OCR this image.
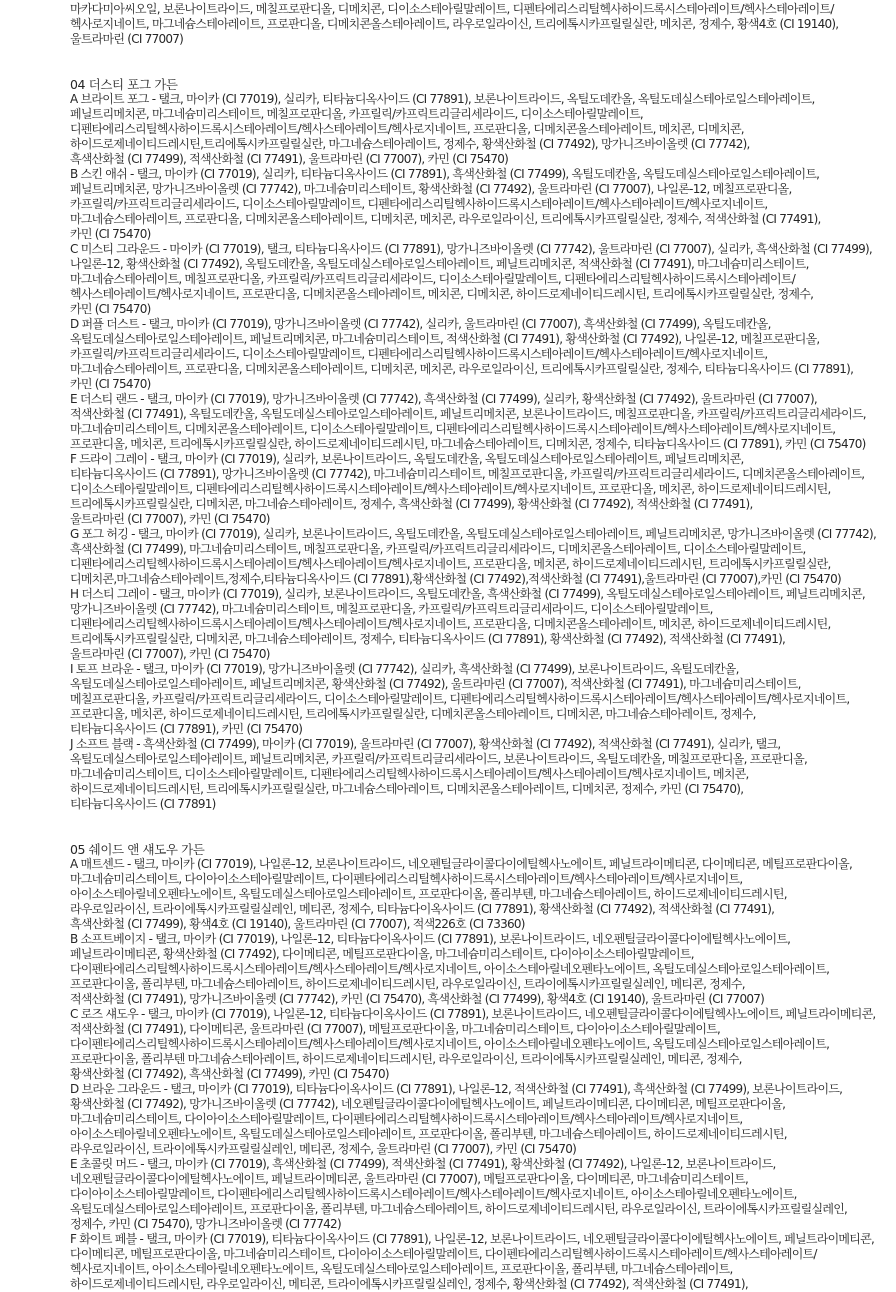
마카다미아씨오일, 보론나이트라이드, 메칠프로판디올, 디메치콘, 디이소스테아릴말레이트, 디펜타에리스리틸헥사하이드록시스테아레이트/헥사스테아레이트/
헥사로지네이트, 마그네슘스테아레이트, 프로판디올, 디메치콘올스테아레이트, 라우로일라이신, 트리에톡시카프릴릴실란, 메치콘, 정제수, 황색4호 (CI 19140),
울트라마린 (CI 77007)
04 더스티 포그 가든
A 브라이트 포그 - 탤크, 마이카 (CI 77019), 실리카, 티타늄디옥사이드 (CI 77891), 보론나이트라이드, 옥틸도데칸올, 옥틸도데실스테아로일스테아레이트,
페닐트리메치콘, 마그네슘미리스테이트, 메칠프로판디올, 카프릴릭/카프릭트리글리세라이드, 디이소스테아릴말레이트,
디펜타에리스리틸헥사하이드록시스테아레이트/헥사스테아레이트/헥사로지네이트, 프로판디올, 디메치콘올스테아레이트, 메치콘, 디메치콘,
하이드로제네이티드레시틴,트리에톡시카프릴릴실란, 마그네슘스테아레이트, 정제수, 황색산화철 (CI 77492), 망가니즈바이올렛 (CI 77742),
흑색산화철 (CI 77499), 적색산화철 (CI 77491), 울트라마린 (CI 77007), 카민 (CI 75470)
B 스킨 애쉬 - 탤크, 마이카 (CI 77019), 실리카, 티타늄디옥사이드 (CI 77891), 흑색산화철 (CI 77499), 옥틸도데칸올, 옥틸도데실스테아로일스테아레이트,
페닐트리메치콘, 망가니즈바이올렛 (CI 77742), 마그네슘미리스테이트, 황색산화철 (CI 77492), 울트라마린 (CI 77007), 나일론-12, 메칠프로판디올,
카프릴릭/카프릭트리글리세라이드, 디이소스테아릴말레이트, 디펜타에리스리틸헥사하이드록시스테아레이트/헥사스테아레이트/헥사로지네이트,
마그네슘스테아레이트, 프로판디올, 디메치콘올스테아레이트, 디메치콘, 메치콘, 라우로일라이신, 트리에톡시카프릴릴실란, 정제수, 적색산화철 (CI 77491),
카민 (CI 75470)
C 미스티 그라운드 - 마이카 (CI 77019), 탤크, 티타늄디옥사이드 (CI 77891), 망가니즈바이올렛 (CI 77742), 울트라마린 (CI 77007), 실리카, 흑색산화철 (CI 77499),
나일론-12, 황색산화철 (CI 77492), 옥틸도데칸올, 옥틸도데실스테아로일스테아레이트, 페닐트리메치콘, 적색산화철 (CI 77491), 마그네슘미리스테이트,
마그네슘스테아레이트, 메칠프로판디올, 카프릴릭/카프릭트리글리세라이드, 디이소스테아릴말레이트, 디펜타에리스리틸헥사하이드록시스테아레이트/
헥사스테아레이트/헥사로지네이트, 프로판디올, 디메치콘올스테아레이트, 메치콘, 디메치콘, 하이드로제네이티드레시틴, 트리에톡시카프릴릴실란, 정제수,
카민 (CI 75470)
D 퍼플 더스트 - 탤크, 마이카 (CI 77019), 망가니즈바이올렛 (CI 77742), 실리카, 울트라마린 (CI 77007), 흑색산화철 (CI 77499), 옥틸도데칸올,
옥틸도데실스테아로일스테아레이트, 페닐트리메치콘, 마그네슘미리스테이트, 적색산화철 (CI 77491), 황색산화철 (CI 77492), 나일론-12, 메칠프로판디올,
카프릴릭/카프릭트리글리세라이드, 디이소스테아릴말레이트, 디펜타에리스리틸헥사하이드록시스테아레이트/헥사스테아레이트/헥사로지네이트,
마그네슘스테아레이트, 프로판디올, 디메치콘올스테아레이트, 디메치콘, 메치콘, 라우로일라이신, 트리에톡시카프릴릴실란, 정제수, 티타늄디옥사이드 (CI 77891),
카민 (CI 75470)
E 더스티 랜드 - 탤크, 마이카 (CI 77019), 망가니즈바이올렛 (CI 77742), 흑색산화철 (CI 77499), 실리카, 황색산화철 (CI 77492), 울트라마린 (CI 77007),
적색산화철 (CI 77491), 옥틸도데칸올, 옥틸도데실스테아로일스테아레이트, 페닐트리메치콘, 보론나이트라이드, 메칠프로판디올, 카프릴릭/카프릭트리글리세라이드,
마그네슘미리스테이트, 디메치콘올스테아레이트, 디이소스테아릴말레이트, 디펜타에리스리틸헥사하이드록시스테아레이트/헥사스테아레이트/헥사로지네이트,
프로판디올, 메치콘, 트리에톡시카프릴릴실란, 하이드로제네이티드레시틴, 마그네슘스테아레이트, 디메치콘, 정제수, 티타늄디옥사이드 (CI 77891), 카민 (CI 75470)
F 드라이 그레이 - 탤크, 마이카 (CI 77019), 실리카, 보론나이트라이드, 옥틸도데칸올, 옥틸도데실스테아로일스테아레이트, 페닐트리메치콘,
티타늄디옥사이드 (CI 77891), 망가니즈바이올렛 (CI 77742), 마그네슘미리스테이트, 메칠프로판디올, 카프릴릭/카프릭트리글리세라이드, 디메치콘올스테아레이트,
디이소스테아릴말레이트, 디펜타에리스리틸헥사하이드록시스테아레이트/헥사스테아레이트/헥사로지네이트, 프로판디올, 메치콘, 하이드로제네이티드레시틴,
트리에톡시카프릴릴실란, 디메치콘, 마그네슘스테아레이트, 정제수, 흑색산화철 (CI 77499), 황색산화철 (CI 77492), 적색산화철 (CI 77491),
울트라마린 (CI 77007), 카민 (CI 75470)
G 포그 허깅 - 탤크, 마이카 (CI 77019), 실리카, 보론나이트라이드, 옥틸도데칸올, 옥틸도데실스테아로일스테아레이트, 페닐트리메치콘, 망가니즈바이올렛 (CI 77742),
흑색산화철 (CI 77499), 마그네슘미리스테이트, 메칠프로판디올, 카프릴릭/카프릭트리글리세라이드, 디메치콘올스테아레이트, 디이소스테아릴말레이트,
디펜타에리스리틸헥사하이드록시스테아레이트/헥사스테아레이트/헥사로지네이트, 프로판디올, 메치콘, 하이드로제네이티드레시틴, 트리에톡시카프릴릴실란,
디메치콘,마그네슘스테아레이트,정제수,티타늄디옥사이드 (CI 77891),황색산화철 (CI 77492),적색산화철 (CI 77491),울트라마린 (CI 77007),카민 (CI 75470)
H 더스티 그레이 - 탤크, 마이카 (CI 77019), 실리카, 보론나이트라이드, 옥틸도데칸올, 흑색산화철 (CI 77499), 옥틸도데실스테아로일스테아레이트, 페닐트리메치콘,
망가니즈바이올렛 (CI 77742), 마그네슘미리스테이트, 메칠프로판디올, 카프릴릭/카프릭트리글리세라이드, 디이소스테아릴말레이트,
디펜타에리스리틸헥사하이드록시스테아레이트/헥사스테아레이트/헥사로지네이트, 프로판디올, 디메치콘올스테아레이트, 메치콘, 하이드로제네이티드레시틴,
트리에톡시카프릴릴실란, 디메치콘, 마그네슘스테아레이트, 정제수, 티타늄디옥사이드 (CI 77891), 황색산화철 (CI 77492), 적색산화철 (CI 77491),
울트라마린 (CI 77007), 카민 (CI 75470)
I 토프 브라운 - 탤크, 마이카 (CI 77019), 망가니즈바이올렛 (CI 77742), 실리카, 흑색산화철 (CI 77499), 보론나이트라이드, 옥틸도데칸올,
옥틸도데실스테아로일스테아레이트, 페닐트리메치콘, 황색산화철 (CI 77492), 울트라마린 (CI 77007), 적색산화철 (CI 77491), 마그네슘미리스테이트,
메칠프로판디올, 카프릴릭/카프릭트리글리세라이드, 디이소스테아릴말레이트, 디펜타에리스리틸헥사하이드록시스테아레이트/헥사스테아레이트/헥사로지네이트,
프로판디올, 메치콘, 하이드로제네이티드레시틴, 트리에톡시카프릴릴실란, 디메치콘올스테아레이트, 디메치콘, 마그네슘스테아레이트, 정제수,
티타늄디옥사이드 (CI 77891), 카민 (CI 75470)
J 소프트 블랙 - 흑색산화철 (CI 77499), 마이카 (CI 77019), 울트라마린 (CI 77007), 황색산화철 (CI 77492), 적색산화철 (CI 77491), 실리카, 탤크,
옥틸도데실스테아로일스테아레이트, 페닐트리메치콘, 카프릴릭/카프릭트리글리세라이드, 보론나이트라이드, 옥틸도데칸올, 메칠프로판디올, 프로판디올,
마그네슘미리스테이트, 디이소스테아릴말레이트, 디펜타에리스리틸헥사하이드록시스테아레이트/헥사스테아레이트/헥사로지네이트, 메치콘,
하이드로제네이티드레시틴, 트리에톡시카프릴릴실란, 마그네슘스테아레이트, 디메치콘올스테아레이트, 디메치콘, 정제수, 카민 (CI 75470),
티타늄디옥사이드 (CI 77891)
05 쉐이드 앤 섀도우 가든
A 매트센드 - 탤크, 마이카 (CI 77019), 나일론-12, 보론나이트라이드, 네오펜틸글라이콜다이에틸헥사노에이트, 페닐트라이메티콘, 다이메티콘, 메틸프로판다이올,
마그네슘미리스테이트, 다이아이소스테아릴말레이트, 다이펜타에리스리틸헥사하이드록시스테아레이트/헥사스테아레이트/헥사로지네이트,
아이소스테아릴네오펜타노에이트, 옥틸도데실스테아로일스테아레이트, 프로판다이올, 폴리부텐, 마그네슘스테아레이트, 하이드로제네이티드레시틴,
라우로일라이신, 트라이에톡시카프릴릴실레인, 메티콘, 정제수, 티타늄다이옥사이드 (CI 77891), 황색산화철 (CI 77492), 적색산화철 (CI 77491),
흑색산화철 (CI 77499), 황색4호 (CI 19140), 울트라마린 (CI 77007), 적색226호 (CI 73360)
B 소프트베이지 - 탤크, 마이카 (CI 77019), 나일론-12, 티타늄다이옥사이드 (CI 77891), 보론나이트라이드, 네오펜틸글라이콜다이에틸헥사노에이트,
페닐트라이메티콘, 황색산화철 (CI 77492), 다이메티콘, 메틸프로판다이올, 마그네슘미리스테이트, 다이아이소스테아릴말레이트,
다이펜타에리스리틸헥사하이드록시스테아레이트/헥사스테아레이트/헥사로지네이트, 아이소스테아릴네오펜타노에이트, 옥틸도데실스테아로일스테아레이트,
프로판다이올, 폴리부텐, 마그네슘스테아레이트, 하이드로제네이티드레시틴, 라우로일라이신, 트라이에톡시카프릴릴실레인, 메티콘, 정제수,
적색산화철 (CI 77491), 망가니즈바이올렛 (CI 77742), 카민 (CI 75470), 흑색산화철 (CI 77499), 황색4호 (CI 19140), 울트라마린 (CI 77007)
C 로즈 섀도우 - 탤크, 마이카 (CI 77019), 나일론-12, 티타늄다이옥사이드 (CI 77891), 보론나이트라이드, 네오펜틸글라이콜다이에틸헥사노에이트, 페닐트라이메티콘,
적색산화철 (CI 77491), 다이메티콘, 울트라마린 (CI 77007), 메틸프로판다이올, 마그네슘미리스테이트, 다이아이소스테아릴말레이트,
다이펜타에리스리틸헥사하이드록시스테아레이트/헥사스테아레이트/헥사로지네이트, 아이소스테아릴네오펜타노에이트, 옥틸도데실스테아로일스테아레이트,
프로판다이올, 폴리부텐 마그네슘스테아레이트, 하이드로제네이티드레시틴, 라우로일라이신, 트라이에톡시카프릴릴실레인, 메티콘, 정제수,
황색산화철 (CI 77492), 흑색산화철 (CI 77499), 카민 (CI 75470)
D 브라운 그라운드 - 탤크, 마이카 (CI 77019), 티타늄다이옥사이드 (CI 77891), 나일론-12, 적색산화철 (CI 77491), 흑색산화철 (CI 77499), 보론나이트라이드,
황색산화철 (CI 77492), 망가니즈바이올렛 (CI 77742), 네오펜틸글라이콜다이에틸헥사노에이트, 페닐트라이메티콘, 다이메티콘, 메틸프로판다이올,
마그네슘미리스테이트, 다이아이소스테아릴말레이트, 다이펜타에리스리틸헥사하이드록시스테아레이트/헥사스테아레이트/헥사로지네이트,
아이소스테아릴네오펜타노에이트, 옥틸도데실스테아로일스테아레이트, 프로판다이올, 폴리부텐, 마그네슘스테아레이트, 하이드로제네이티드레시틴,
라우로일라이신, 트라이에톡시카프릴릴실레인, 메티콘, 정제수, 울트라마린 (CI 77007), 카민 (CI 75470)
E 초콜릿 머드 - 탤크, 마이카 (CI 77019), 흑색산화철 (CI 77499), 적색산화철 (CI 77491), 황색산화철 (CI 77492), 나일론-12, 보론나이트라이드,
네오펜틸글라이콜다이에틸헥사노에이트, 페닐트라이메티콘, 울트라마린 (CI 77007), 메틸프로판다이올, 다이메티콘, 마그네슘미리스테이트,
다이아이소스테아릴말레이트, 다이펜타에리스리틸헥사하이드록시스테아레이트/헥사스테아레이트/헥사로지네이트, 아이소스테아릴네오펜타노에이트,
옥틸도데실스테아로일스테아레이트, 프로판다이올, 폴리부텐, 마그네슘스테아레이트, 하이드로제네이티드레시틴, 라우로일라이신, 트라이에톡시카프릴릴실레인,
정제수, 카민 (CI 75470), 망가니즈바이올렛 (CI 77742)
F 화이트 페블 - 탤크, 마이카 (CI 77019), 티타늄다이옥사이드 (CI 77891), 나일론-12, 보론나이트라이드, 네오펜틸글라이콜다이에틸헥사노에이트, 페닐트라이메티콘,
다이메티콘, 메틸프로판다이올, 마그네슘미리스테이트, 다이아이소스테아릴말레이트, 다이펜타에리스리틸헥사하이드록시스테아레이트/헥사스테아레이트/
헥사로지네이트, 아이소스테아릴네오펜타노에이트, 옥틸도데실스테아로일스테아레이트, 프로판다이올, 폴리부텐, 마그네슘스테아레이트,
하이드로제네이티드레시틴, 라우로일라이신, 메티콘, 트라이에톡시카프릴릴실레인, 정제수, 황색산화철 (CI 77492), 적색산화철 (CI 77491),
